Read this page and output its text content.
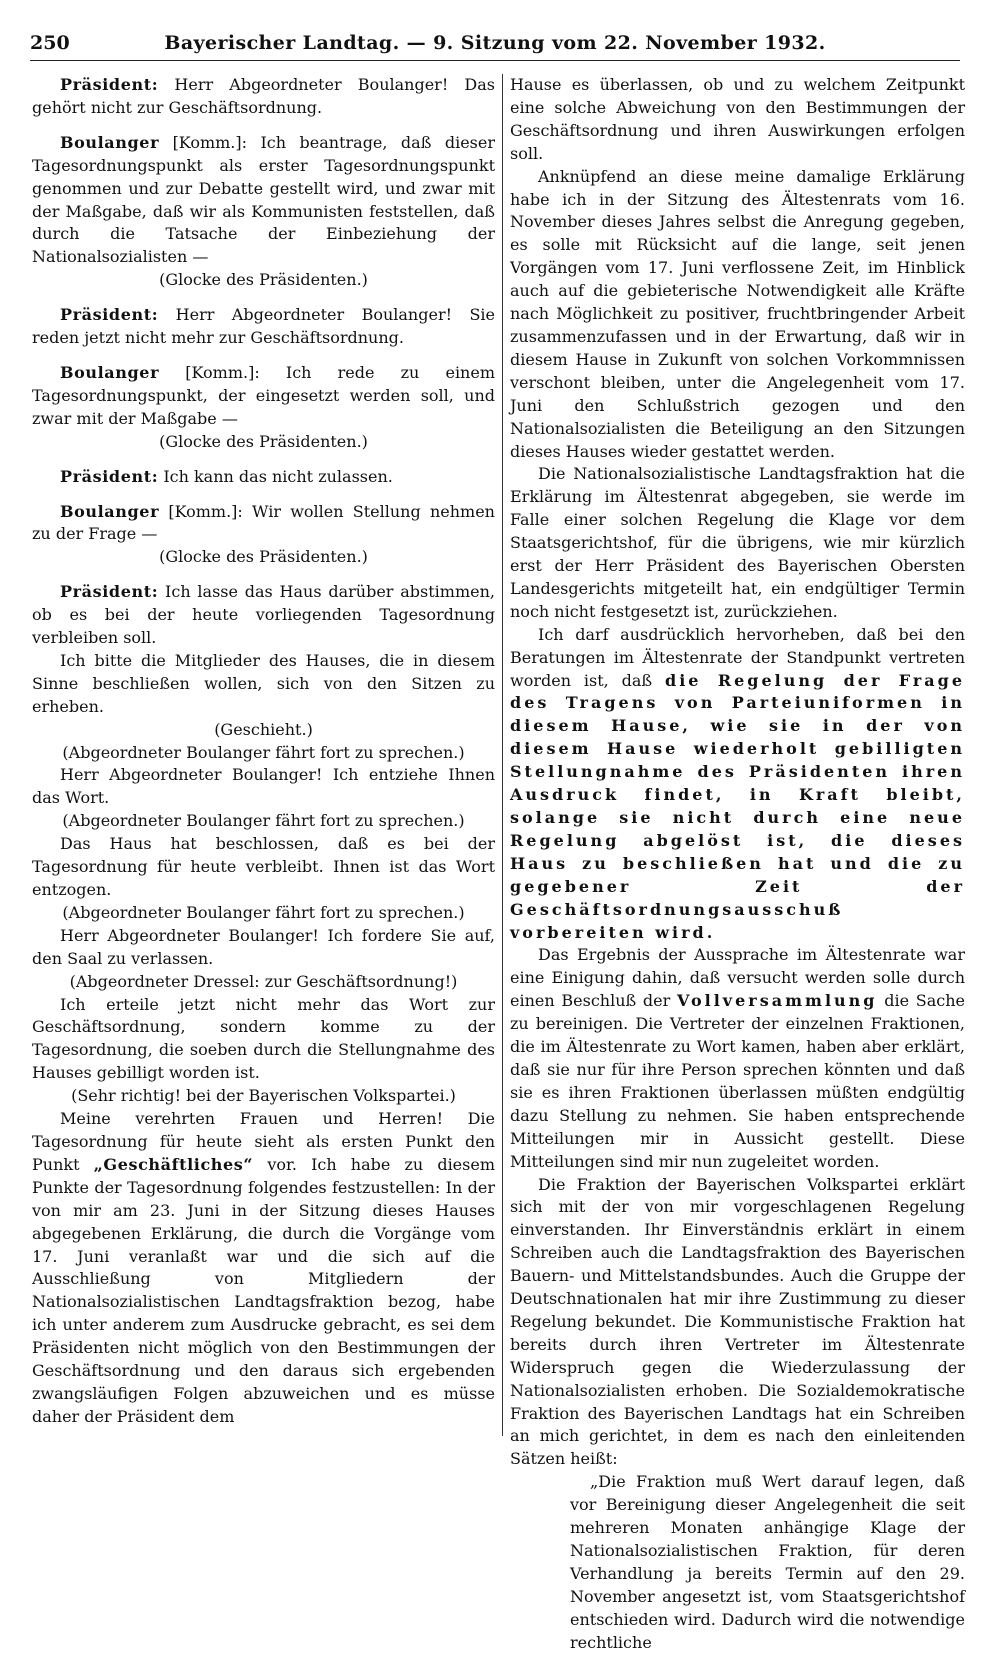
250	Bayerischer Landtag. — 9. Sitzung vom 22. November 1932.

Präsident: Herr Abgeordneter Boulanger! Das gehört nicht zur Geschäftsordnung.

Boulanger [Komm.]: Ich beantrage, daß dieser Tagesordnungspunkt als erster Tagesordnungspunkt genommen und zur Debatte gestellt wird, und zwar mit der Maßgabe, daß wir als Kommunisten feststellen, daß durch die Tatsache der Einbeziehung der Nationalsozialisten —

(Glocke des Präsidenten.)

Präsident: Herr Abgeordneter Boulanger! Sie reden jetzt nicht mehr zur Geschäftsordnung.

Boulanger [Komm.]: Ich rede zu einem Tagesordnungspunkt, der eingesetzt werden soll, und zwar mit der Maßgabe —

(Glocke des Präsidenten.)

Präsident: Ich kann das nicht zulassen.

Boulanger [Komm.]: Wir wollen Stellung nehmen zu der Frage —

(Glocke des Präsidenten.)

Präsident: Ich lasse das Haus darüber abstimmen, ob es bei der heute vorliegenden Tagesordnung verbleiben soll.

Ich bitte die Mitglieder des Hauses, die in diesem Sinne beschließen wollen, sich von den Sitzen zu erheben.

(Geschieht.)

(Abgeordneter Boulanger fährt fort zu sprechen.)

Herr Abgeordneter Boulanger! Ich entziehe Ihnen das Wort.

(Abgeordneter Boulanger fährt fort zu sprechen.)

Das Haus hat beschlossen, daß es bei der Tagesordnung für heute verbleibt. Ihnen ist das Wort entzogen.

(Abgeordneter Boulanger fährt fort zu sprechen.)

Herr Abgeordneter Boulanger! Ich fordere Sie auf, den Saal zu verlassen.

(Abgeordneter Dressel: zur Geschäftsordnung!)

Ich erteile jetzt nicht mehr das Wort zur Geschäftsordnung, sondern komme zu der Tagesordnung, die soeben durch die Stellungnahme des Hauses gebilligt worden ist.

(Sehr richtig! bei der Bayerischen Volkspartei.)

Meine verehrten Frauen und Herren! Die Tagesordnung für heute sieht als ersten Punkt den Punkt „Geschäftliches“ vor. Ich habe zu diesem Punkte der Tagesordnung folgendes festzustellen: In der von mir am 23. Juni in der Sitzung dieses Hauses abgegebenen Erklärung, die durch die Vorgänge vom 17. Juni veranlaßt war und die sich auf die Ausschließung von Mitgliedern der Nationalsozialistischen Landtagsfraktion bezog, habe ich unter anderem zum Ausdrucke gebracht, es sei dem Präsidenten nicht möglich von den Bestimmungen der Geschäftsordnung und den daraus sich ergebenden zwangsläufigen Folgen abzuweichen und es müsse daher der Präsident dem

Hause es überlassen, ob und zu welchem Zeitpunkt eine solche Abweichung von den Bestimmungen der Geschäftsordnung und ihren Auswirkungen erfolgen soll.

Anknüpfend an diese meine damalige Erklärung habe ich in der Sitzung des Ältestenrats vom 16. November dieses Jahres selbst die Anregung gegeben, es solle mit Rücksicht auf die lange, seit jenen Vorgängen vom 17. Juni verflossene Zeit, im Hinblick auch auf die gebieterische Notwendigkeit alle Kräfte nach Möglichkeit zu positiver, fruchtbringender Arbeit zusammenzufassen und in der Erwartung, daß wir in diesem Hause in Zukunft von solchen Vorkommnissen verschont bleiben, unter die Angelegenheit vom 17. Juni den Schlußstrich gezogen und den Nationalsozialisten die Beteiligung an den Sitzungen dieses Hauses wieder gestattet werden.

Die Nationalsozialistische Landtagsfraktion hat die Erklärung im Ältestenrat abgegeben, sie werde im Falle einer solchen Regelung die Klage vor dem Staatsgerichtshof, für die übrigens, wie mir kürzlich erst der Herr Präsident des Bayerischen Obersten Landesgerichts mitgeteilt hat, ein endgültiger Termin noch nicht festgesetzt ist, zurückziehen.

Ich darf ausdrücklich hervorheben, daß bei den Beratungen im Ältestenrate der Standpunkt vertreten worden ist, daß die Regelung der Frage des Tragens von Parteiuniformen in diesem Hause, wie sie in der von diesem Hause wiederholt gebilligten Stellungnahme des Präsidenten ihren Ausdruck findet, in Kraft bleibt, solange sie nicht durch eine neue Regelung abgelöst ist, die dieses Haus zu beschließen hat und die zu gegebener Zeit der Geschäftsordnungsausschuß vorbereiten wird.

Das Ergebnis der Aussprache im Ältestenrate war eine Einigung dahin, daß versucht werden solle durch einen Beschluß der Vollversammlung die Sache zu bereinigen. Die Vertreter der einzelnen Fraktionen, die im Ältestenrate zu Wort kamen, haben aber erklärt, daß sie nur für ihre Person sprechen könnten und daß sie es ihren Fraktionen überlassen müßten endgültig dazu Stellung zu nehmen. Sie haben entsprechende Mitteilungen mir in Aussicht gestellt. Diese Mitteilungen sind mir nun zugeleitet worden.

Die Fraktion der Bayerischen Volkspartei erklärt sich mit der von mir vorgeschlagenen Regelung einverstanden. Ihr Einverständnis erklärt in einem Schreiben auch die Landtagsfraktion des Bayerischen Bauern- und Mittelstandsbundes. Auch die Gruppe der Deutschnationalen hat mir ihre Zustimmung zu dieser Regelung bekundet. Die Kommunistische Fraktion hat bereits durch ihren Vertreter im Ältestenrate Widerspruch gegen die Wiederzulassung der Nationalsozialisten erhoben. Die Sozialdemokratische Fraktion des Bayerischen Landtags hat ein Schreiben an mich gerichtet, in dem es nach den einleitenden Sätzen heißt:

„Die Fraktion muß Wert darauf legen, daß vor Bereinigung dieser Angelegenheit die seit mehreren Monaten anhängige Klage der Nationalsozialistischen Fraktion, für deren Verhandlung ja bereits Termin auf den 29. November angesetzt ist, vom Staatsgerichtshof entschieden wird. Dadurch wird die notwendige rechtliche
